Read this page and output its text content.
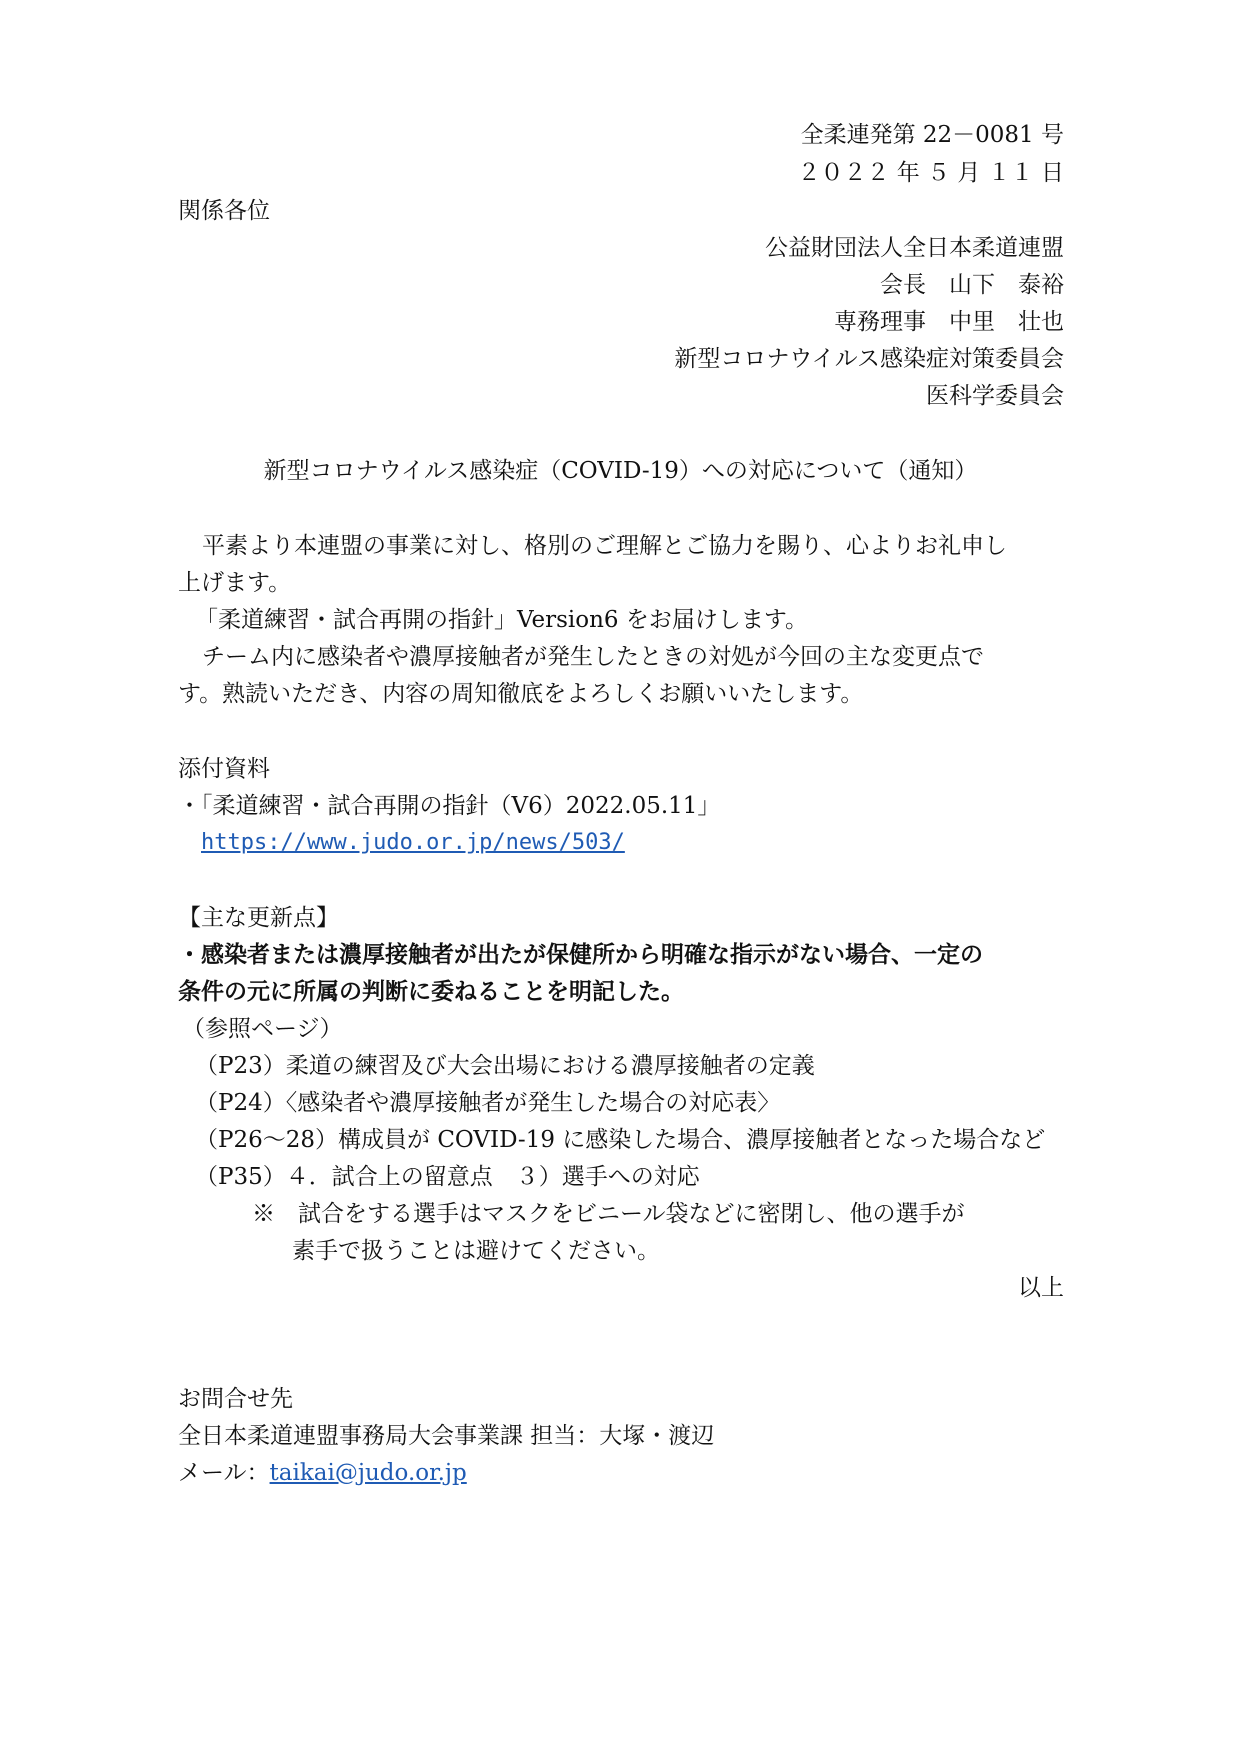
全柔連発第 22－0081 号
２０２２ 年 ５ 月 １１ 日
関係各位
公益財団法人全日本柔道連盟
会長　山下　泰裕
専務理事　中里　壮也
新型コロナウイルス感染症対策委員会
医科学委員会
新型コロナウイルス感染症（COVID-19）への対応について（通知）
平素より本連盟の事業に対し、格別のご理解とご協力を賜り、心よりお礼申し
上げます。
「柔道練習・試合再開の指針」Version6 をお届けします。
チーム内に感染者や濃厚接触者が発生したときの対処が今回の主な変更点で
す。熟読いただき、内容の周知徹底をよろしくお願いいたします。
添付資料
・「柔道練習・試合再開の指針（V6）2022.05.11」
https://www.judo.or.jp/news/503/
【主な更新点】
・感染者または濃厚接触者が出たが保健所から明確な指示がない場合、一定の
条件の元に所属の判断に委ねることを明記した。
（参照ページ）
（P23）柔道の練習及び大会出場における濃厚接触者の定義
（P24）〈感染者や濃厚接触者が発生した場合の対応表〉
（P26～28）構成員が COVID-19 に感染した場合、濃厚接触者となった場合など
（P35）４．試合上の留意点　３）選手への対応
※　試合をする選手はマスクをビニール袋などに密閉し、他の選手が
素手で扱うことは避けてください。
以上
お問合せ先
全日本柔道連盟事務局大会事業課 担当：大塚・渡辺
メール：taikai@judo.or.jp
